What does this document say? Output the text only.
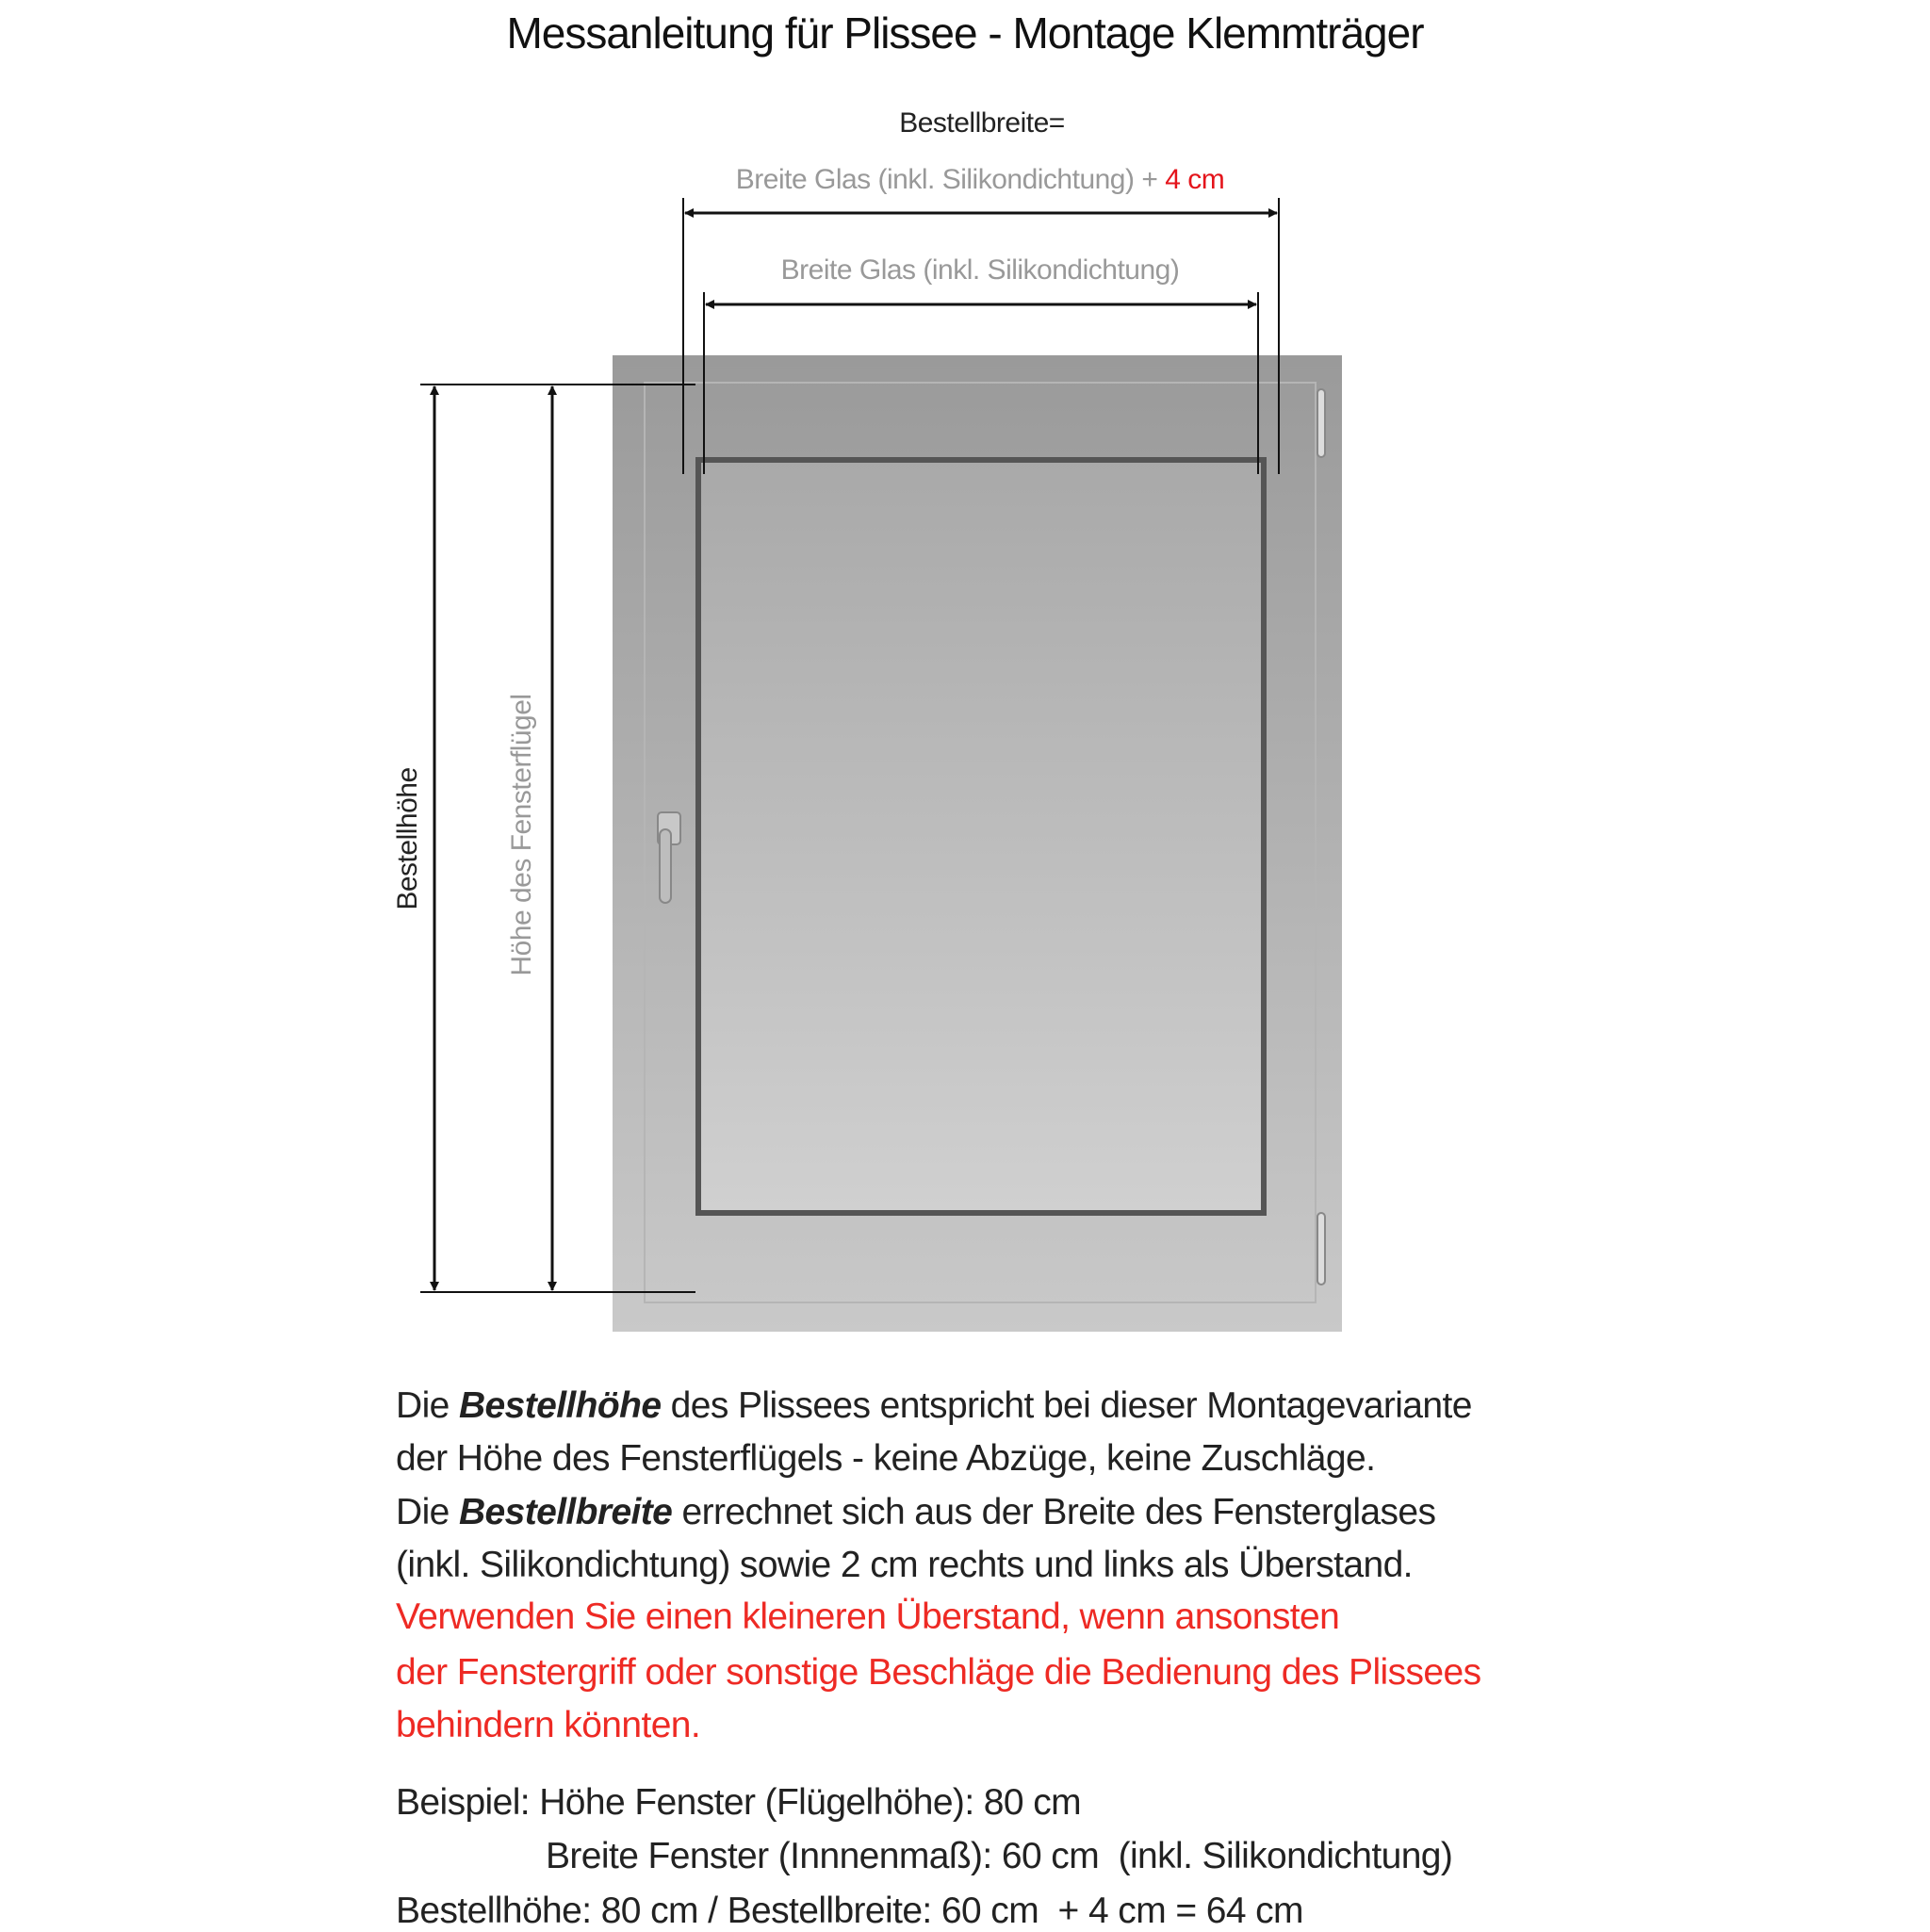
Messanleitung für Plissee - Montage Klemmträger
Bestellbreite=
Breite Glas (inkl. Silikondichtung) + 4 cm
Breite Glas (inkl. Silikondichtung)
Bestellhöhe	Höhe des Fensterflügel
Die Bestellhöhe des Plissees entspricht bei dieser Montagevariante
der Höhe des Fensterflügels - keine Abzüge, keine Zuschläge.
Die Bestellbreite errechnet sich aus der Breite des Fensterglases
(inkl. Silikondichtung) sowie 2 cm rechts und links als Überstand.
Verwenden Sie einen kleineren Überstand, wenn ansonsten
der Fenstergriff oder sonstige Beschläge die Bedienung des Plissees
behindern könnten.
Beispiel: Höhe Fenster (Flügelhöhe): 80 cm
Breite Fenster (Innnenmaß): 60 cm  (inkl. Silikondichtung)
Bestellhöhe: 80 cm / Bestellbreite: 60 cm  + 4 cm = 64 cm
